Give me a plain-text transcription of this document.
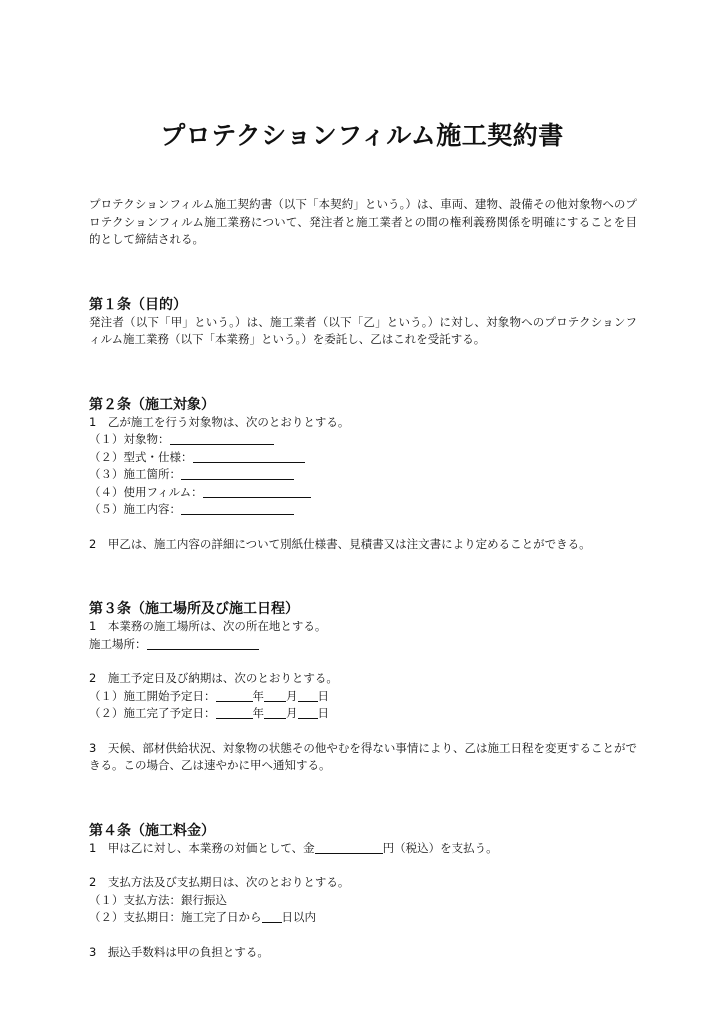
プロテクションフィルム施工契約書

プロテクションフィルム施工契約書（以下「本契約」という。）は、車両、建物、設備その他対象物へのプロテクションフィルム施工業務について、発注者と施工業者との間の権利義務関係を明確にすることを目的として締結される。

第１条（目的）

発注者（以下「甲」という。）は、施工業者（以下「乙」という。）に対し、対象物へのプロテクションフィルム施工業務（以下「本業務」という。）を委託し、乙はこれを受託する。

第２条（施工対象）

1　乙が施工を行う対象物は、次のとおりとする。

（１）対象物：

（２）型式・仕様：

（３）施工箇所：

（４）使用フィルム：

（５）施工内容：

2　甲乙は、施工内容の詳細について別紙仕様書、見積書又は注文書により定めることができる。

第３条（施工場所及び施工日程）

1　本業務の施工場所は、次の所在地とする。

施工場所：

2　施工予定日及び納期は、次のとおりとする。

（１）施工開始予定日：	年 月 日

（２）施工完了予定日：	年 月 日

3　天候、部材供給状況、対象物の状態その他やむを得ない事情により、乙は施工日程を変更することができる。この場合、乙は速やかに甲へ通知する。

第４条（施工料金）

1　甲は乙に対し、本業務の対価として、金	円（税込）を支払う。

2　支払方法及び支払期日は、次のとおりとする。

（１）支払方法：銀行振込

（２）支払期日：施工完了日から 日以内

3　振込手数料は甲の負担とする。
